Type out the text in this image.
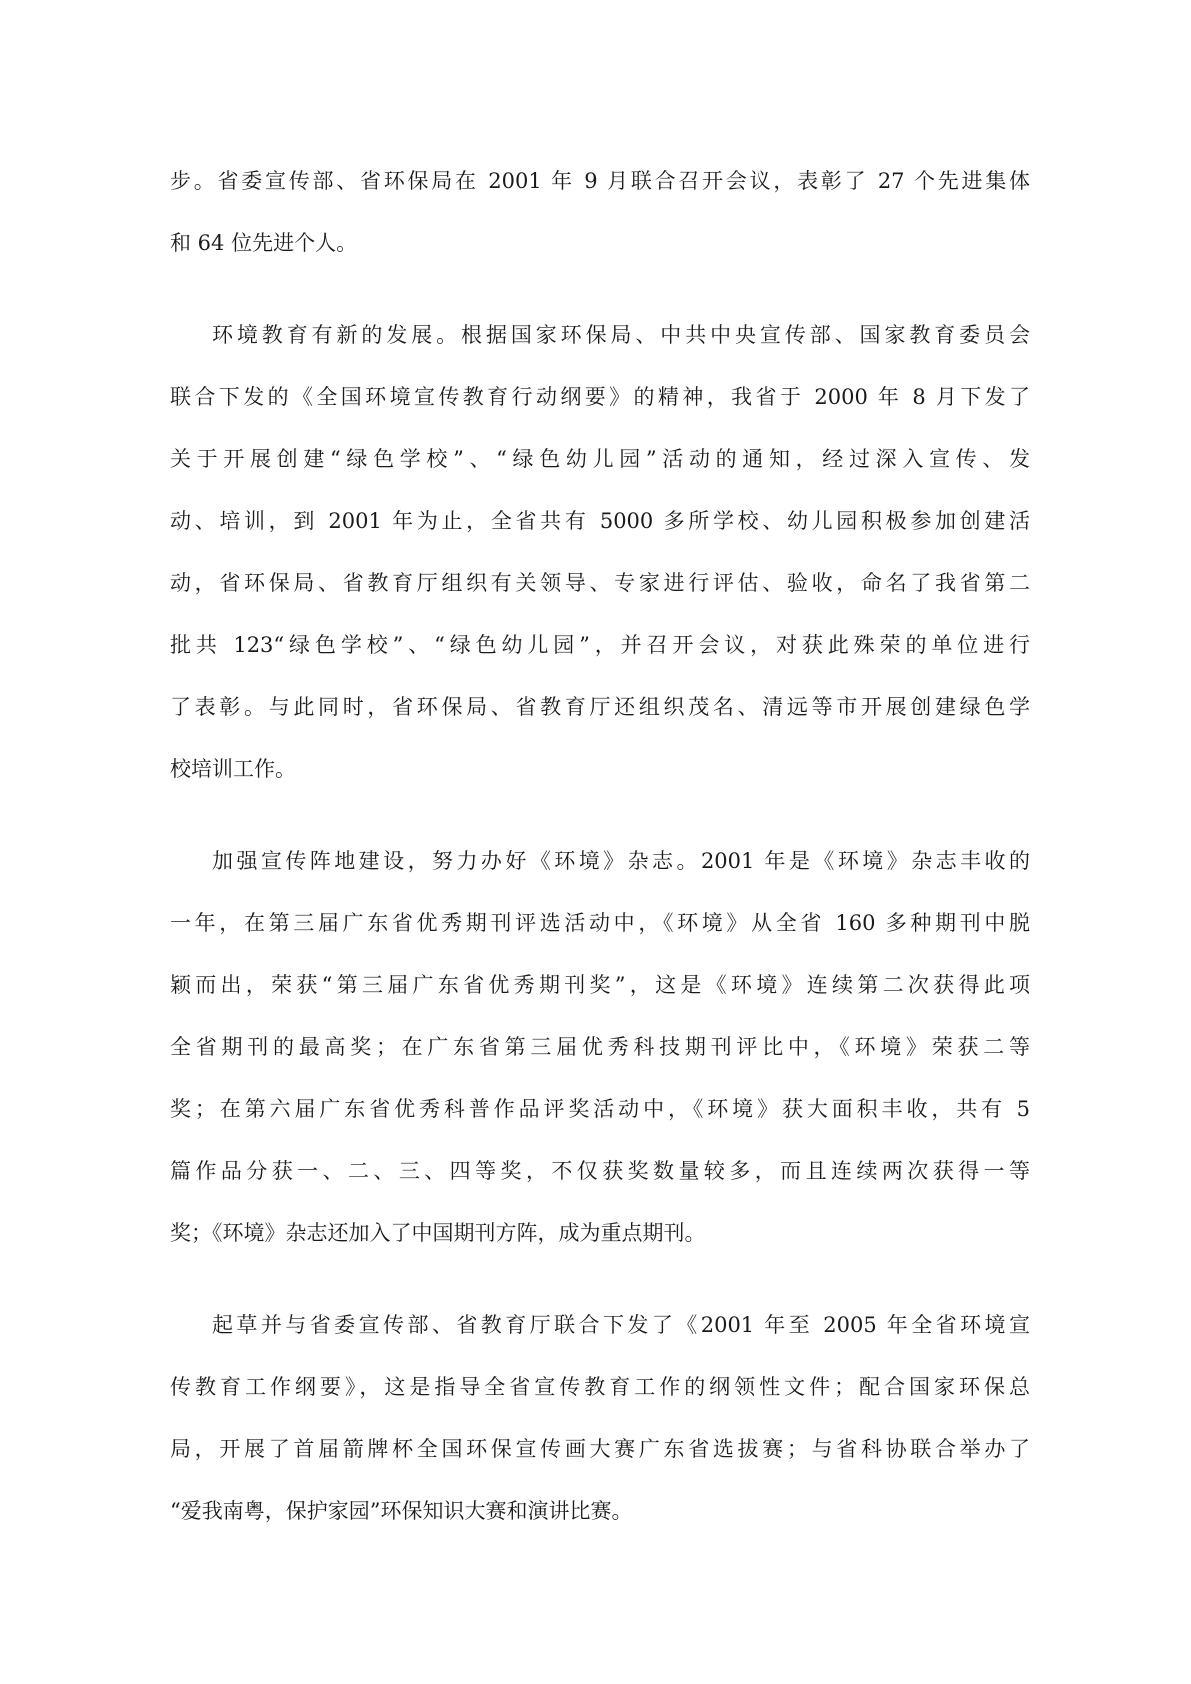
步。省委宣传部、省环保局在 2001 年 9 月联合召开会议，表彰了 27 个先进集体
和 64 位先进个人。
环境教育有新的发展。根据国家环保局、中共中央宣传部、国家教育委员会
联合下发的《全国环境宣传教育行动纲要》的精神，我省于 2000 年 8 月下发了
关于开展创建“绿色学校”、“绿色幼儿园”活动的通知，经过深入宣传、发
动、培训，到 2001 年为止，全省共有 5000 多所学校、幼儿园积极参加创建活
动，省环保局、省教育厅组织有关领导、专家进行评估、验收，命名了我省第二
批共 123“绿色学校”、“绿色幼儿园”，并召开会议，对获此殊荣的单位进行
了表彰。与此同时，省环保局、省教育厅还组织茂名、清远等市开展创建绿色学
校培训工作。
加强宣传阵地建设，努力办好《环境》杂志。2001 年是《环境》杂志丰收的
一年，在第三届广东省优秀期刊评选活动中，《环境》从全省 160 多种期刊中脱
颖而出，荣获“第三届广东省优秀期刊奖”，这是《环境》连续第二次获得此项
全省期刊的最高奖；在广东省第三届优秀科技期刊评比中，《环境》荣获二等
奖；在第六届广东省优秀科普作品评奖活动中，《环境》获大面积丰收，共有 5
篇作品分获一、二、三、四等奖，不仅获奖数量较多，而且连续两次获得一等
奖；《环境》杂志还加入了中国期刊方阵，成为重点期刊。
起草并与省委宣传部、省教育厅联合下发了《2001 年至 2005 年全省环境宣
传教育工作纲要》，这是指导全省宣传教育工作的纲领性文件；配合国家环保总
局，开展了首届箭牌杯全国环保宣传画大赛广东省选拔赛；与省科协联合举办了
“爱我南粤，保护家园”环保知识大赛和演讲比赛。
